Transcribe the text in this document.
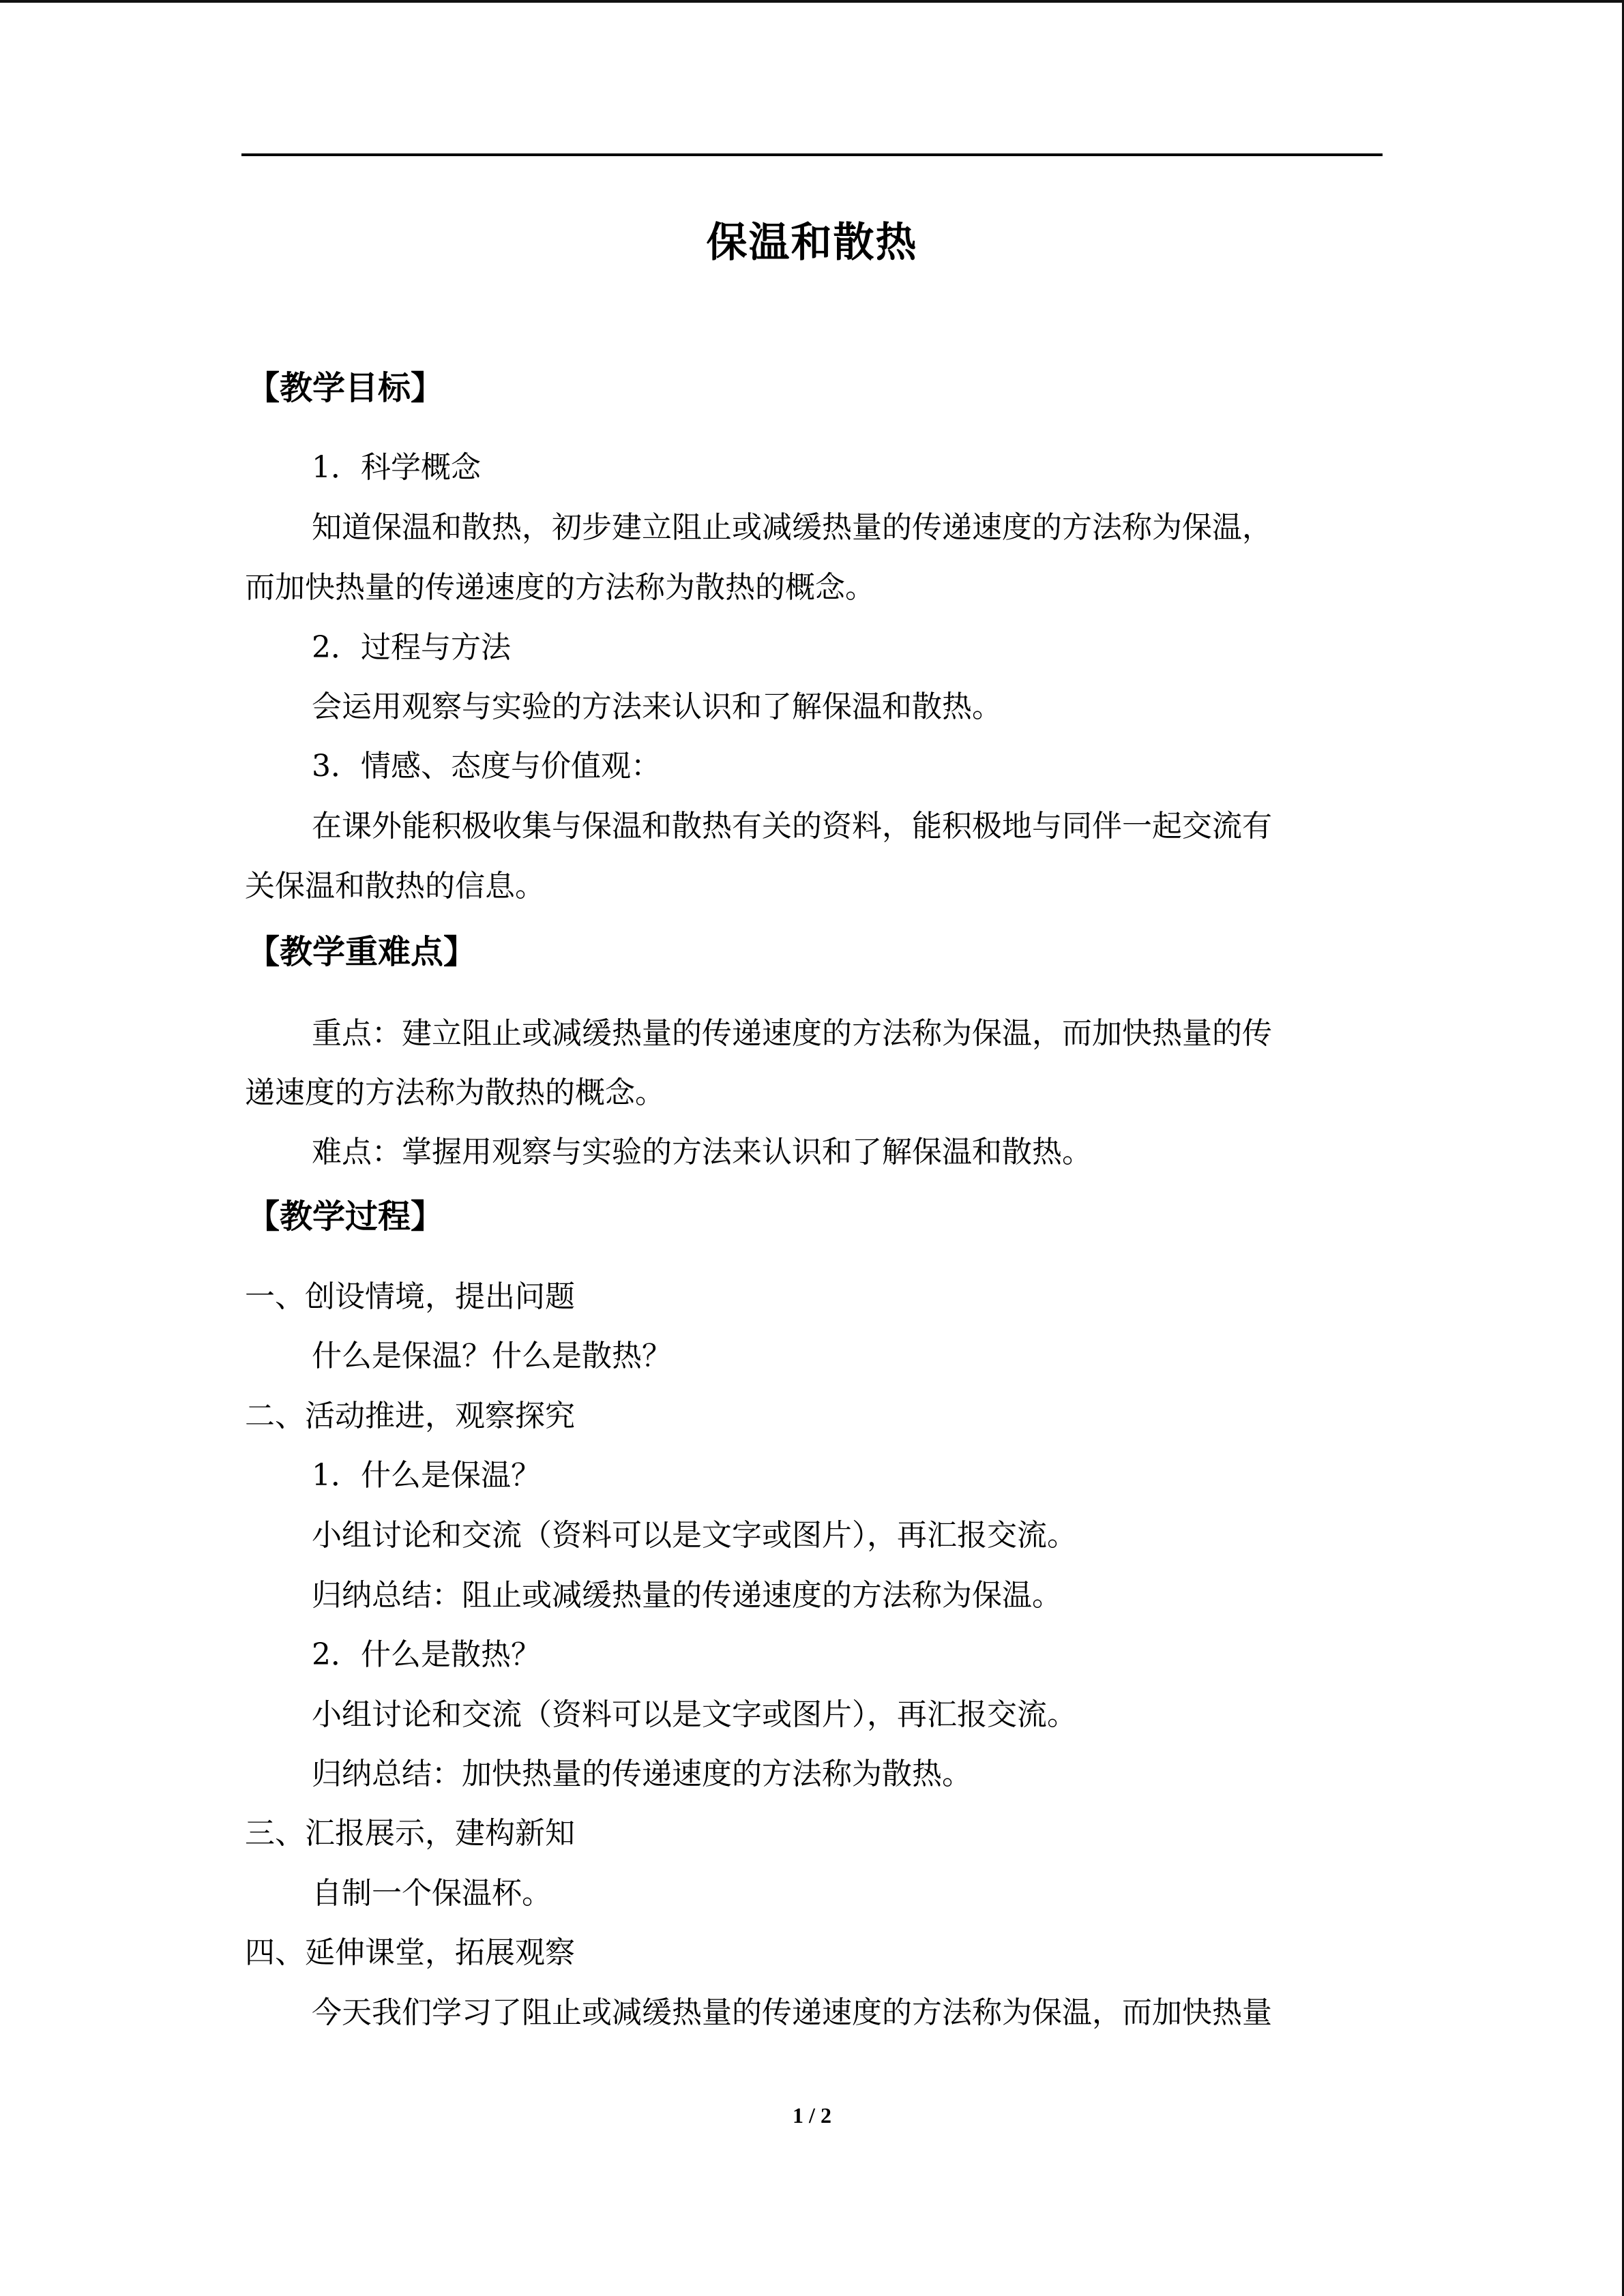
保温和散热
【教学目标】
1．科学概念
知道保温和散热，初步建立阻止或减缓热量的传递速度的方法称为保温，
而加快热量的传递速度的方法称为散热的概念。
2．过程与方法
会运用观察与实验的方法来认识和了解保温和散热。
3．情感、态度与价值观：
在课外能积极收集与保温和散热有关的资料，能积极地与同伴一起交流有
关保温和散热的信息。
【教学重难点】
重点：建立阻止或减缓热量的传递速度的方法称为保温，而加快热量的传
递速度的方法称为散热的概念。
难点：掌握用观察与实验的方法来认识和了解保温和散热。
【教学过程】
一、创设情境，提出问题
什么是保温？什么是散热？
二、活动推进，观察探究
1．什么是保温？
小组讨论和交流（资料可以是文字或图片），再汇报交流。
归纳总结：阻止或减缓热量的传递速度的方法称为保温。
2．什么是散热？
小组讨论和交流（资料可以是文字或图片），再汇报交流。
归纳总结：加快热量的传递速度的方法称为散热。
三、汇报展示，建构新知
自制一个保温杯。
四、延伸课堂，拓展观察
今天我们学习了阻止或减缓热量的传递速度的方法称为保温，而加快热量
1 / 2
